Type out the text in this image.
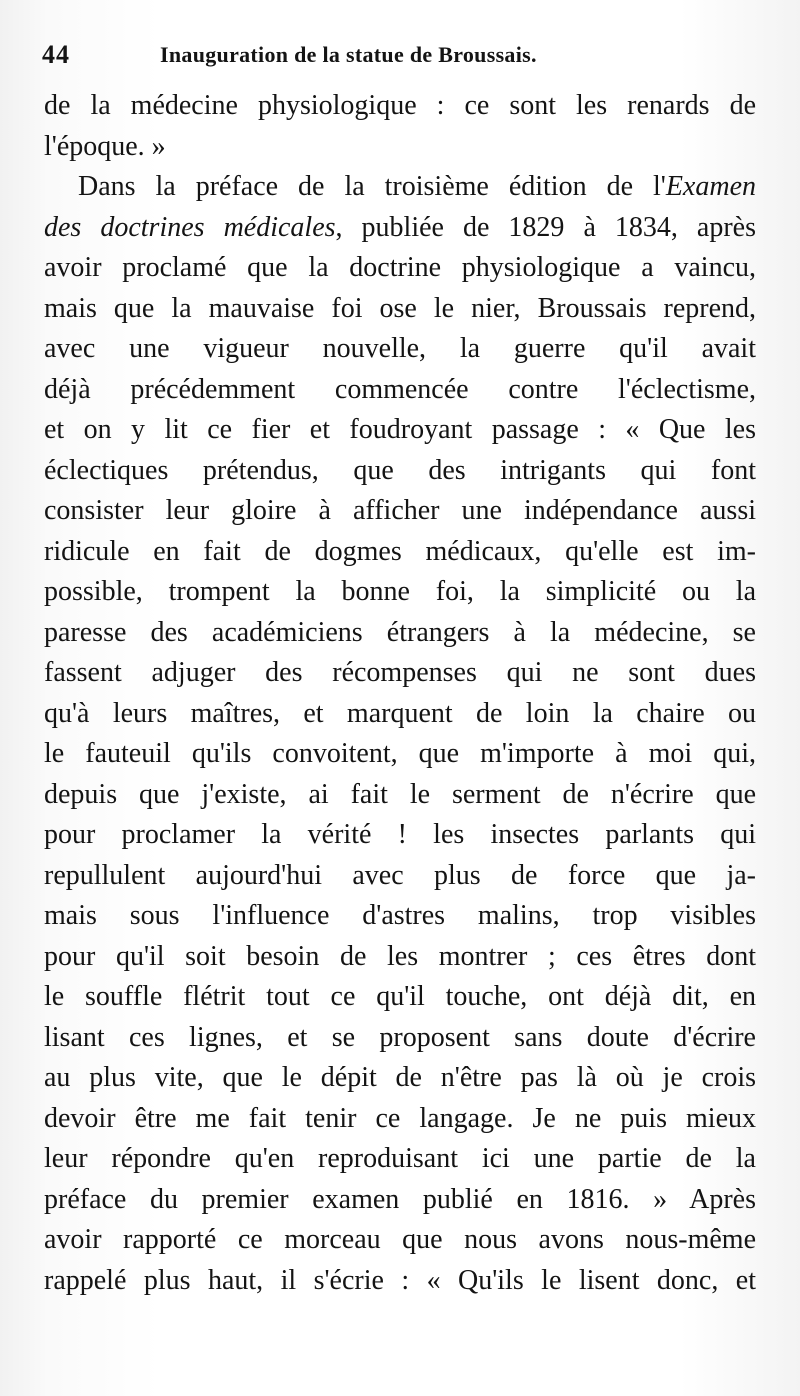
44	Inauguration de la statue de Broussais.
de la médecine physiologique : ce sont les renards de
l'époque. »
Dans la préface de la troisième édition de l'Examen
des doctrines médicales, publiée de 1829 à 1834, après
avoir proclamé que la doctrine physiologique a vaincu,
mais que la mauvaise foi ose le nier, Broussais reprend,
avec une vigueur nouvelle, la guerre qu'il avait
déjà précédemment commencée contre l'éclectisme,
et on y lit ce fier et foudroyant passage : « Que les
éclectiques prétendus, que des intrigants qui font
consister leur gloire à afficher une indépendance aussi
ridicule en fait de dogmes médicaux, qu'elle est im-
possible, trompent la bonne foi, la simplicité ou la
paresse des académiciens étrangers à la médecine, se
fassent adjuger des récompenses qui ne sont dues
qu'à leurs maîtres, et marquent de loin la chaire ou
le fauteuil qu'ils convoitent, que m'importe à moi qui,
depuis que j'existe, ai fait le serment de n'écrire que
pour proclamer la vérité ! les insectes parlants qui
repullulent aujourd'hui avec plus de force que ja-
mais sous l'influence d'astres malins, trop visibles
pour qu'il soit besoin de les montrer ; ces êtres dont
le souffle flétrit tout ce qu'il touche, ont déjà dit, en
lisant ces lignes, et se proposent sans doute d'écrire
au plus vite, que le dépit de n'être pas là où je crois
devoir être me fait tenir ce langage. Je ne puis mieux
leur répondre qu'en reproduisant ici une partie de la
préface du premier examen publié en 1816. » Après
avoir rapporté ce morceau que nous avons nous-même
rappelé plus haut, il s'écrie : « Qu'ils le lisent donc, et
